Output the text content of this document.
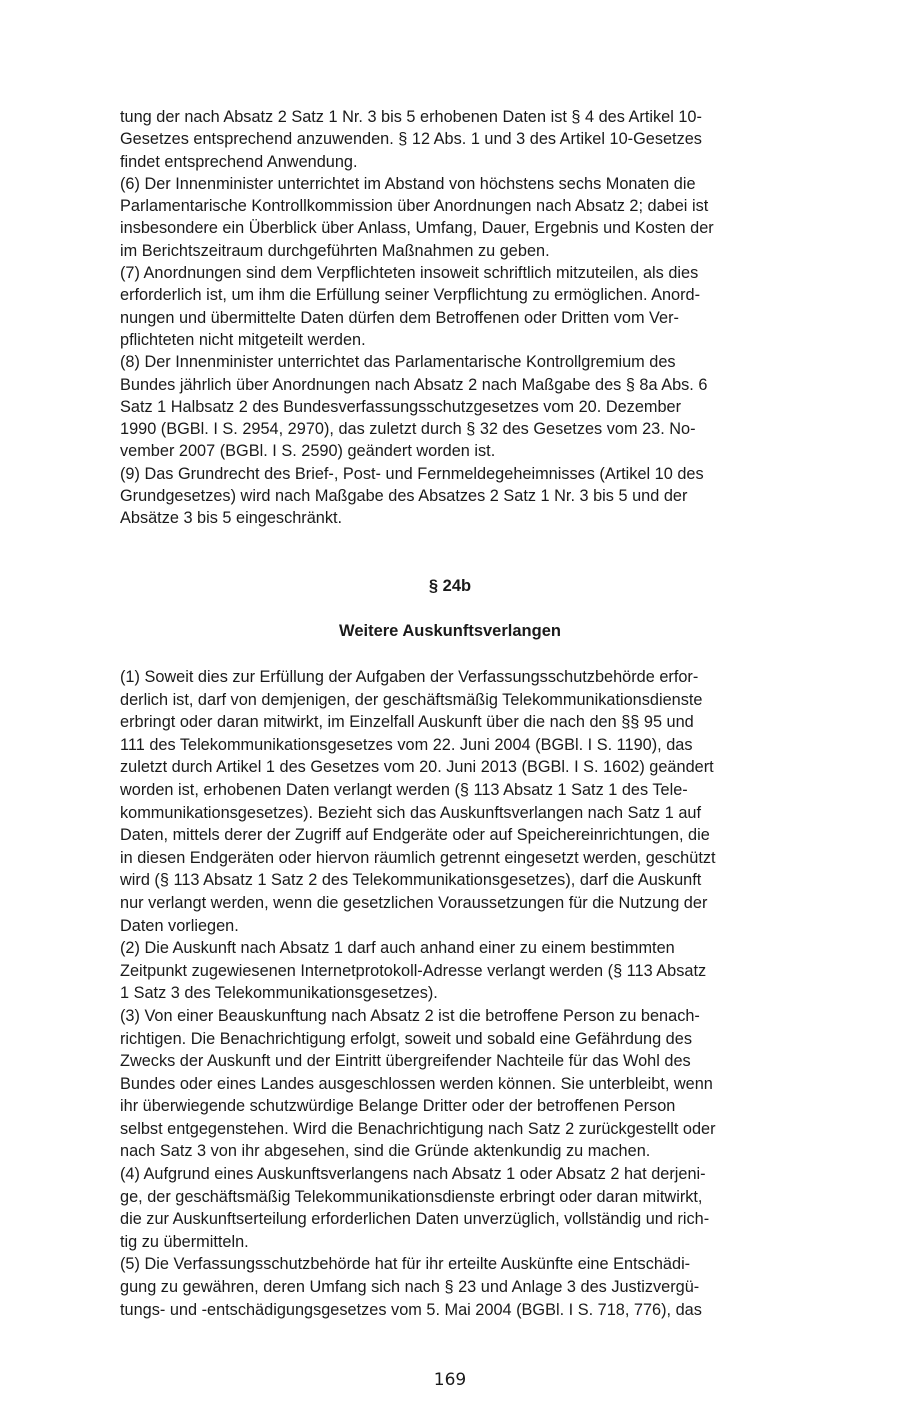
tung der nach Absatz 2 Satz 1 Nr. 3 bis 5 erhobenen Daten ist § 4 des Artikel 10-
Gesetzes entsprechend anzuwenden. § 12 Abs. 1 und 3 des Artikel 10-Gesetzes
findet entsprechend Anwendung.
(6) Der Innenminister unterrichtet im Abstand von höchstens sechs Monaten die
Parlamentarische Kontrollkommission über Anordnungen nach Absatz 2; dabei ist
insbesondere ein Überblick über Anlass, Umfang, Dauer, Ergebnis und Kosten der
im Berichtszeitraum durchgeführten Maßnahmen zu geben.
(7) Anordnungen sind dem Verpflichteten insoweit schriftlich mitzuteilen, als dies
erforderlich ist, um ihm die Erfüllung seiner Verpflichtung zu ermöglichen. Anord-
nungen und übermittelte Daten dürfen dem Betroffenen oder Dritten vom Ver-
pflichteten nicht mitgeteilt werden.
(8) Der Innenminister unterrichtet das Parlamentarische Kontrollgremium des
Bundes jährlich über Anordnungen nach Absatz 2 nach Maßgabe des § 8a Abs. 6
Satz 1 Halbsatz 2 des Bundesverfassungsschutzgesetzes vom 20. Dezember
1990 (BGBl. I S. 2954, 2970), das zuletzt durch § 32 des Gesetzes vom 23. No-
vember 2007 (BGBl. I S. 2590) geändert worden ist.
(9) Das Grundrecht des Brief-, Post- und Fernmeldegeheimnisses (Artikel 10 des
Grundgesetzes) wird nach Maßgabe des Absatzes 2 Satz 1 Nr. 3 bis 5 und der
Absätze 3 bis 5 eingeschränkt.
§ 24b
Weitere Auskunftsverlangen
(1) Soweit dies zur Erfüllung der Aufgaben der Verfassungsschutzbehörde erfor-
derlich ist, darf von demjenigen, der geschäftsmäßig Telekommunikationsdienste
erbringt oder daran mitwirkt, im Einzelfall Auskunft über die nach den §§ 95 und
111 des Telekommunikationsgesetzes vom 22. Juni 2004 (BGBl. I S. 1190), das
zuletzt durch Artikel 1 des Gesetzes vom 20. Juni 2013 (BGBl. I S. 1602) geändert
worden ist, erhobenen Daten verlangt werden (§ 113 Absatz 1 Satz 1 des Tele-
kommunikationsgesetzes). Bezieht sich das Auskunftsverlangen nach Satz 1 auf
Daten, mittels derer der Zugriff auf Endgeräte oder auf Speichereinrichtungen, die
in diesen Endgeräten oder hiervon räumlich getrennt eingesetzt werden, geschützt
wird (§ 113 Absatz 1 Satz 2 des Telekommunikationsgesetzes), darf die Auskunft
nur verlangt werden, wenn die gesetzlichen Voraussetzungen für die Nutzung der
Daten vorliegen.
(2) Die Auskunft nach Absatz 1 darf auch anhand einer zu einem bestimmten
Zeitpunkt zugewiesenen Internetprotokoll-Adresse verlangt werden (§ 113 Absatz
1 Satz 3 des Telekommunikationsgesetzes).
(3) Von einer Beauskunftung nach Absatz 2 ist die betroffene Person zu benach-
richtigen. Die Benachrichtigung erfolgt, soweit und sobald eine Gefährdung des
Zwecks der Auskunft und der Eintritt übergreifender Nachteile für das Wohl des
Bundes oder eines Landes ausgeschlossen werden können. Sie unterbleibt, wenn
ihr überwiegende schutzwürdige Belange Dritter oder der betroffenen Person
selbst entgegenstehen. Wird die Benachrichtigung nach Satz 2 zurückgestellt oder
nach Satz 3 von ihr abgesehen, sind die Gründe aktenkundig zu machen.
(4) Aufgrund eines Auskunftsverlangens nach Absatz 1 oder Absatz 2 hat derjeni-
ge, der geschäftsmäßig Telekommunikationsdienste erbringt oder daran mitwirkt,
die zur Auskunftserteilung erforderlichen Daten unverzüglich, vollständig und rich-
tig zu übermitteln.
(5) Die Verfassungsschutzbehörde hat für ihr erteilte Auskünfte eine Entschädi-
gung zu gewähren, deren Umfang sich nach § 23 und Anlage 3 des Justizvergü-
tungs- und -entschädigungsgesetzes vom 5. Mai 2004 (BGBl. I S. 718, 776), das
169
